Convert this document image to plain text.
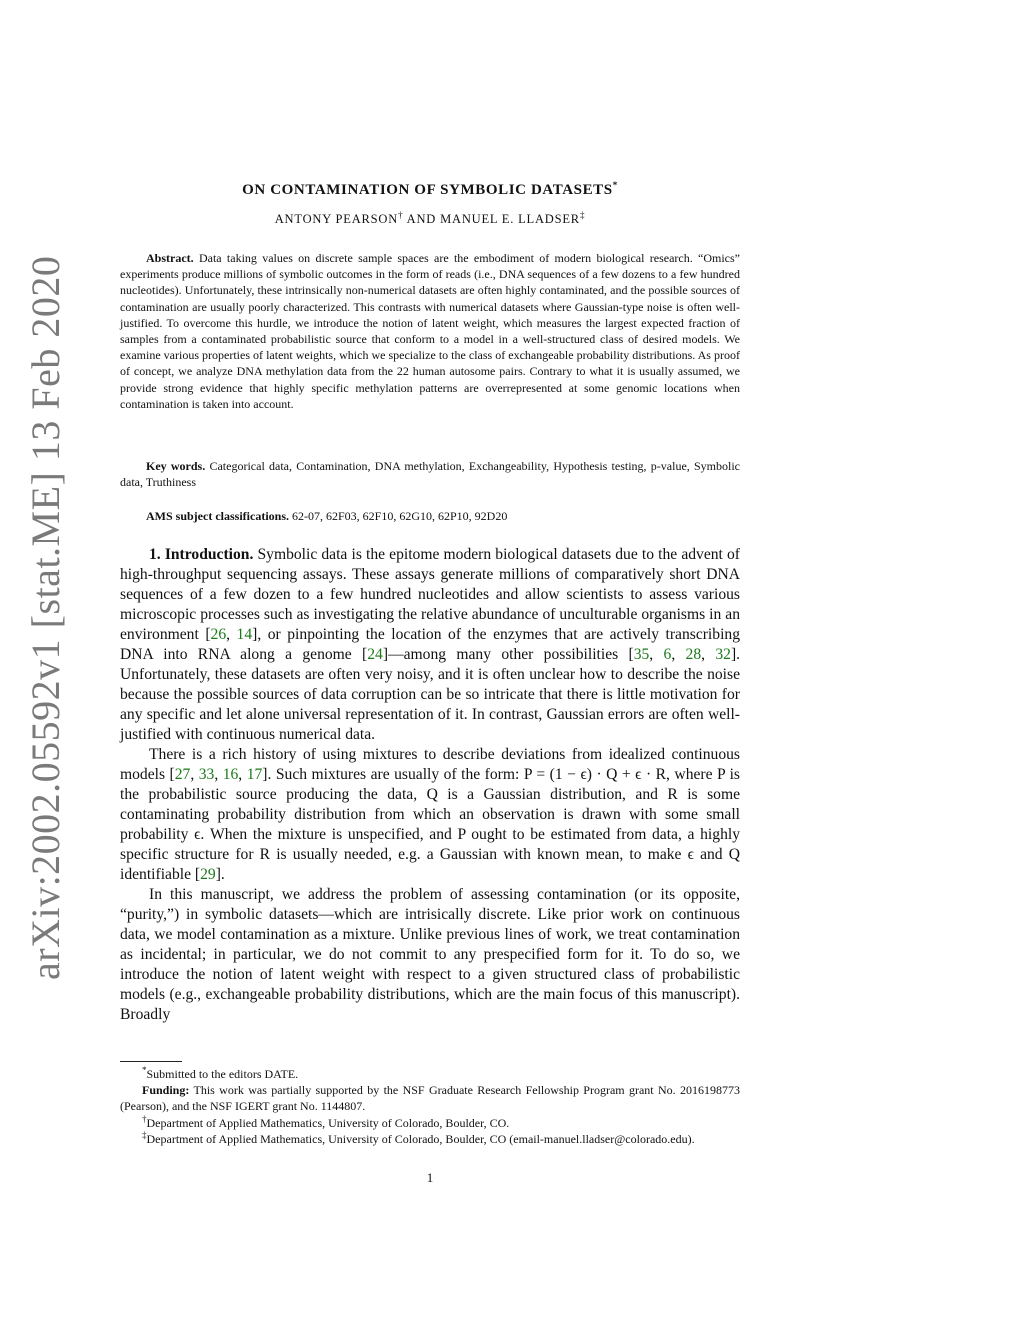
arXiv:2002.05592v1 [stat.ME] 13 Feb 2020
ON CONTAMINATION OF SYMBOLIC DATASETS*
ANTONY PEARSON† AND MANUEL E. LLADSER‡
Abstract. Data taking values on discrete sample spaces are the embodiment of modern biological research. “Omics” experiments produce millions of symbolic outcomes in the form of reads (i.e., DNA sequences of a few dozens to a few hundred nucleotides). Unfortunately, these intrinsically non-numerical datasets are often highly contaminated, and the possible sources of contamination are usually poorly characterized. This contrasts with numerical datasets where Gaussian-type noise is often well-justified. To overcome this hurdle, we introduce the notion of latent weight, which measures the largest expected fraction of samples from a contaminated probabilistic source that conform to a model in a well-structured class of desired models. We examine various properties of latent weights, which we specialize to the class of exchangeable probability distributions. As proof of concept, we analyze DNA methylation data from the 22 human autosome pairs. Contrary to what it is usually assumed, we provide strong evidence that highly specific methylation patterns are overrepresented at some genomic locations when contamination is taken into account.
Key words. Categorical data, Contamination, DNA methylation, Exchangeability, Hypothesis testing, p-value, Symbolic data, Truthiness
AMS subject classifications. 62-07, 62F03, 62F10, 62G10, 62P10, 92D20

1. Introduction. Symbolic data is the epitome modern biological datasets due to the advent of high-throughput sequencing assays. These assays generate millions of comparatively short DNA sequences of a few dozen to a few hundred nucleotides and allow scientists to assess various microscopic processes such as investigating the relative abundance of unculturable organisms in an environment [26, 14], or pinpointing the location of the enzymes that are actively transcribing DNA into RNA along a genome [24]—among many other possibilities [35, 6, 28, 32]. Unfortunately, these datasets are often very noisy, and it is often unclear how to describe the noise because the possible sources of data corruption can be so intricate that there is little motivation for any specific and let alone universal representation of it. In contrast, Gaussian errors are often well-justified with continuous numerical data.

There is a rich history of using mixtures to describe deviations from idealized continuous models [27, 33, 16, 17]. Such mixtures are usually of the form: P = (1 − ϵ) · Q + ϵ · R, where P is the probabilistic source producing the data, Q is a Gaussian distribution, and R is some contaminating probability distribution from which an observation is drawn with some small probability ϵ. When the mixture is unspecified, and P ought to be estimated from data, a highly specific structure for R is usually needed, e.g. a Gaussian with known mean, to make ϵ and Q identifiable [29].

In this manuscript, we address the problem of assessing contamination (or its opposite, “purity,”) in symbolic datasets—which are intrisically discrete. Like prior work on continuous data, we model contamination as a mixture. Unlike previous lines of work, we treat contamination as incidental; in particular, we do not commit to any prespecified form for it. To do so, we introduce the notion of latent weight with respect to a given structured class of probabilistic models (e.g., exchangeable probability distributions, which are the main focus of this manuscript). Broadly

*Submitted to the editors DATE.

Funding: This work was partially supported by the NSF Graduate Research Fellowship Program grant No. 2016198773 (Pearson), and the NSF IGERT grant No. 1144807.

†Department of Applied Mathematics, University of Colorado, Boulder, CO.

‡Department of Applied Mathematics, University of Colorado, Boulder, CO (email-manuel.lladser@colorado.edu).

1
